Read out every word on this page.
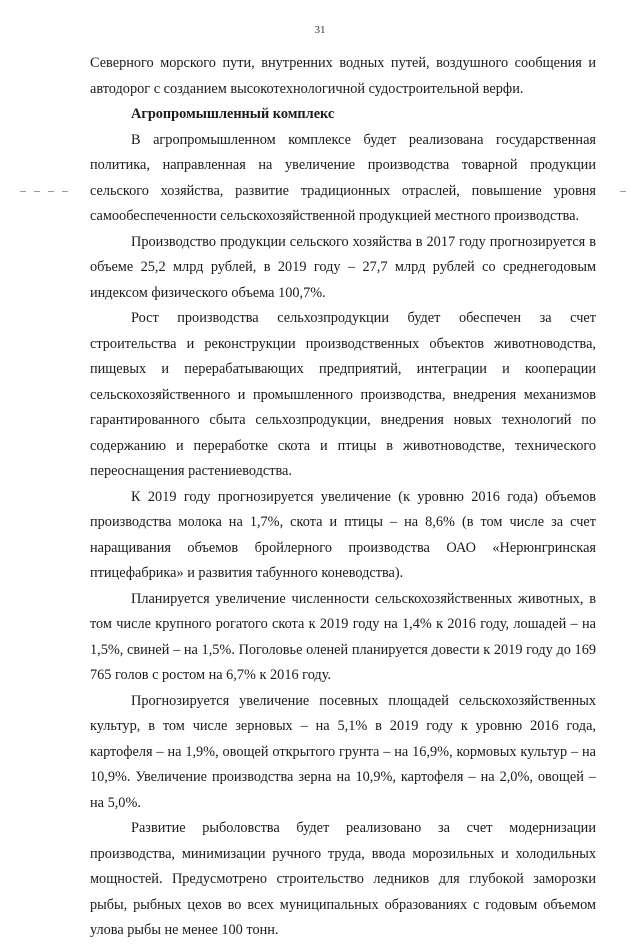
31

Северного морского пути, внутренних водных путей, воздушного сообщения и автодорог с созданием высокотехнологичной судостроительной верфи.

Агропромышленный комплекс

В агропромышленном комплексе будет реализована государственная политика, направленная на увеличение производства товарной продукции сельского хозяйства, развитие традиционных отраслей, повышение уровня самообеспеченности сельскохозяйственной продукцией местного производства.

Производство продукции сельского хозяйства в 2017 году прогнозируется в объеме 25,2 млрд рублей, в 2019 году – 27,7 млрд рублей со среднегодовым индексом физического объема 100,7%.

Рост производства сельхозпродукции будет обеспечен за счет строительства и реконструкции производственных объектов животноводства, пищевых и перерабатывающих предприятий, интеграции и кооперации сельскохозяйственного и промышленного производства, внедрения механизмов гарантированного сбыта сельхозпродукции, внедрения новых технологий по содержанию и переработке скота и птицы в животноводстве, технического переоснащения растениеводства.

К 2019 году прогнозируется увеличение (к уровню 2016 года) объемов производства молока на 1,7%, скота и птицы – на 8,6% (в том числе за счет наращивания объемов бройлерного производства ОАО «Нерюнгринская птицефабрика» и развития табунного коневодства).

Планируется увеличение численности сельскохозяйственных животных, в том числе крупного рогатого скота к 2019 году на 1,4% к 2016 году, лошадей – на 1,5%, свиней – на 1,5%. Поголовье оленей планируется довести к 2019 году до 169 765 голов с ростом на 6,7% к 2016 году.

Прогнозируется увеличение посевных площадей сельскохозяйственных культур, в том числе зерновых – на 5,1% в 2019 году к уровню 2016 года, картофеля – на 1,9%, овощей открытого грунта – на 16,9%, кормовых культур – на 10,9%. Увеличение производства зерна на 10,9%, картофеля – на 2,0%, овощей – на 5,0%.

Развитие рыболовства будет реализовано за счет модернизации производства, минимизации ручного труда, ввода морозильных и холодильных мощностей. Предусмотрено строительство ледников для глубокой заморозки рыбы, рыбных цехов во всех муниципальных образованиях с годовым объемом улова рыбы не менее 100 тонн.
